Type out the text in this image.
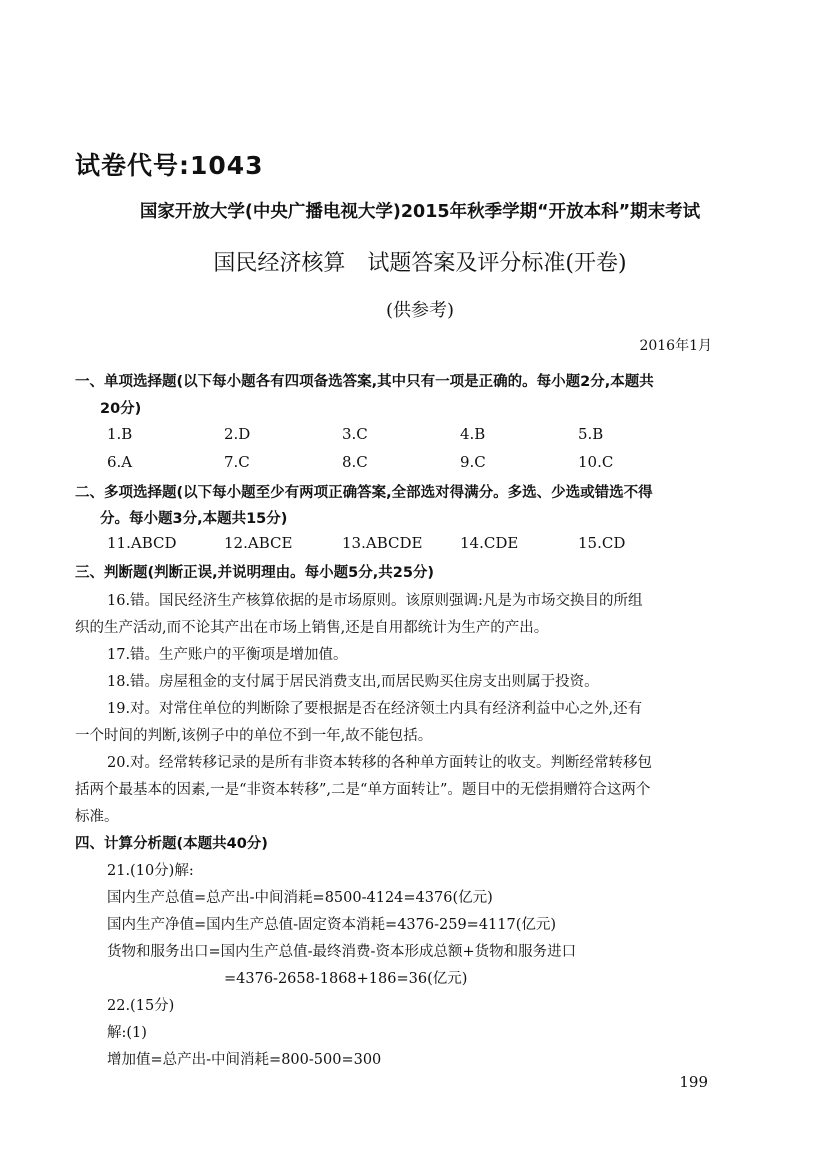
试卷代号:1043
国家开放大学(中央广播电视大学)2015年秋季学期“开放本科”期末考试
国民经济核算　试题答案及评分标准(开卷)
(供参考)
2016年1月
一、单项选择题(以下每小题各有四项备选答案,其中只有一项是正确的。每小题2分,本题共
20分)
1.B	2.D	3.C	4.B	5.B
6.A	7.C	8.C	9.C	10.C
二、多项选择题(以下每小题至少有两项正确答案,全部选对得满分。多选、少选或错选不得
分。每小题3分,本题共15分)
11.ABCD	12.ABCE	13.ABCDE	14.CDE	15.CD
三、判断题(判断正误,并说明理由。每小题5分,共25分)
16.错。国民经济生产核算依据的是市场原则。该原则强调:凡是为市场交换目的所组
织的生产活动,而不论其产出在市场上销售,还是自用都统计为生产的产出。
17.错。生产账户的平衡项是增加值。
18.错。房屋租金的支付属于居民消费支出,而居民购买住房支出则属于投资。
19.对。对常住单位的判断除了要根据是否在经济领土内具有经济利益中心之外,还有
一个时间的判断,该例子中的单位不到一年,故不能包括。
20.对。经常转移记录的是所有非资本转移的各种单方面转让的收支。判断经常转移包
括两个最基本的因素,一是“非资本转移”,二是“单方面转让”。题目中的无偿捐赠符合这两个
标准。
四、计算分析题(本题共40分)
21.(10分)解:
国内生产总值=总产出-中间消耗=8500-4124=4376(亿元)
国内生产净值=国内生产总值-固定资本消耗=4376-259=4117(亿元)
货物和服务出口=国内生产总值-最终消费-资本形成总额+货物和服务进口
=4376-2658-1868+186=36(亿元)
22.(15分)
解:(1)
增加值=总产出-中间消耗=800-500=300
199
